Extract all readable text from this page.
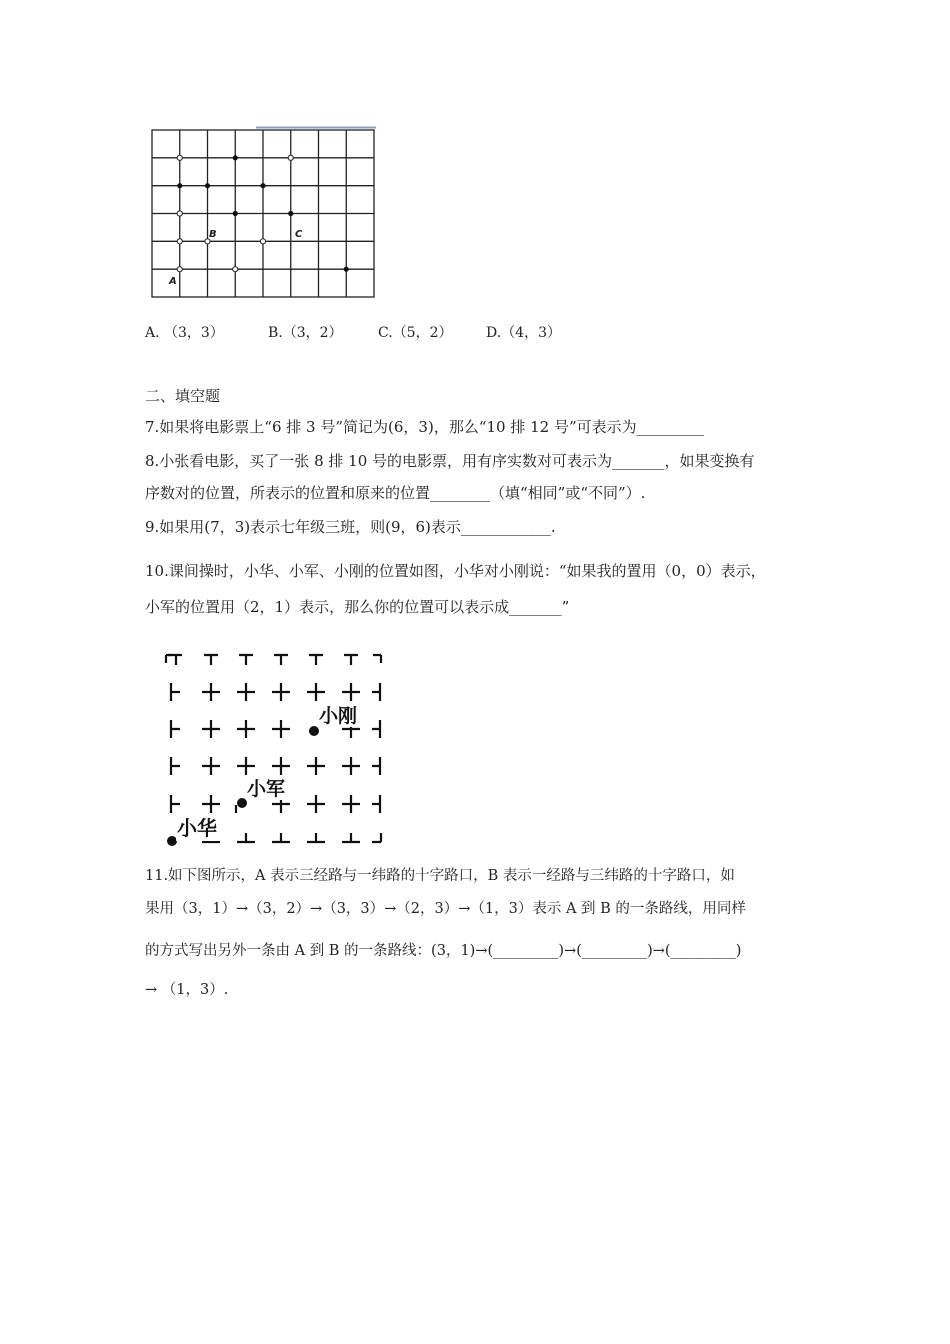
A
B	C
A. （3，3）	B.（3，2）	C.（5，2） D.（4，3）
二、填空题
7.如果将电影票上“6 排 3 号”简记为(6，3)，那么“10 排 12 号”可表示为_________
8.小张看电影，买了一张 8 排 10 号的电影票，用有序实数对可表示为_______，如果变换有
序数对的位置，所表示的位置和原来的位置________（填“相同”或“不同”）.
9.如果用(7，3)表示七年级三班，则(9，6)表示____________.
10.课间操时，小华、小军、小刚的位置如图，小华对小刚说：“如果我的置用（0，0）表示，
小军的位置用（2，1）表示，那么你的位置可以表示成_______”
小刚
小军
小华
11.如下图所示，A 表示三经路与一纬路的十字路口，B 表示一经路与三纬路的十字路口，如
果用（3，1）→（3，2）→（3，3）→（2，3）→（1，3）表示 A 到 B 的一条路线，用同样
的方式写出另外一条由 A 到 B 的一条路线：(3，1)→(_________)→(_________)→(_________)
→ （1，3）.
